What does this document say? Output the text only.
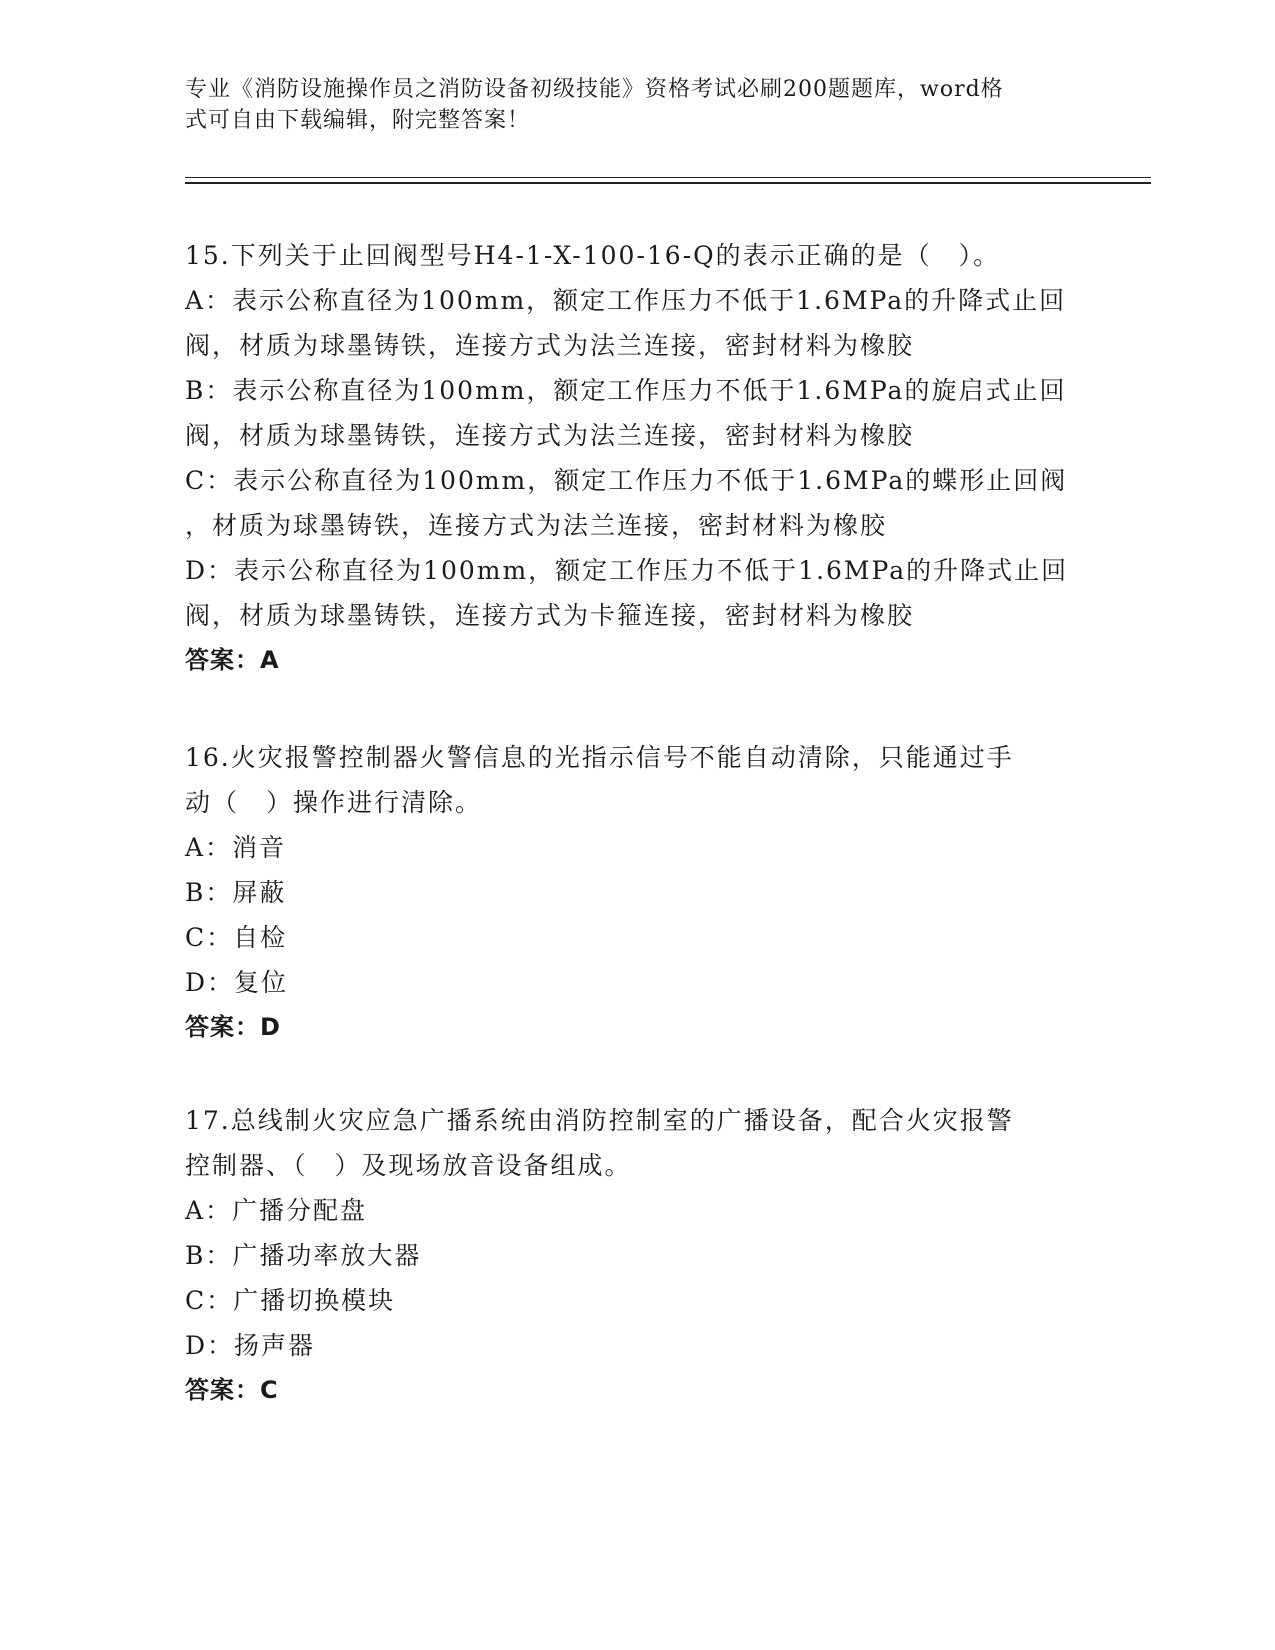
专业《消防设施操作员之消防设备初级技能》资格考试必刷200题题库，word格
式可自由下载编辑，附完整答案！

15.下列关于止回阀型号H4-1-X-100-16-Q的表示正确的是（　）。
A：表示公称直径为100mm，额定工作压力不低于1.6MPa的升降式止回
阀，材质为球墨铸铁，连接方式为法兰连接，密封材料为橡胶
B：表示公称直径为100mm，额定工作压力不低于1.6MPa的旋启式止回
阀，材质为球墨铸铁，连接方式为法兰连接，密封材料为橡胶
C：表示公称直径为100mm，额定工作压力不低于1.6MPa的蝶形止回阀
，材质为球墨铸铁，连接方式为法兰连接，密封材料为橡胶
D：表示公称直径为100mm，额定工作压力不低于1.6MPa的升降式止回
阀，材质为球墨铸铁，连接方式为卡箍连接，密封材料为橡胶
答案：A
16.火灾报警控制器火警信息的光指示信号不能自动清除，只能通过手
动（　）操作进行清除。
A：消音
B：屏蔽
C：自检
D：复位
答案：D
17.总线制火灾应急广播系统由消防控制室的广播设备，配合火灾报警
控制器、（　）及现场放音设备组成。
A：广播分配盘
B：广播功率放大器
C：广播切换模块
D：扬声器
答案：C
